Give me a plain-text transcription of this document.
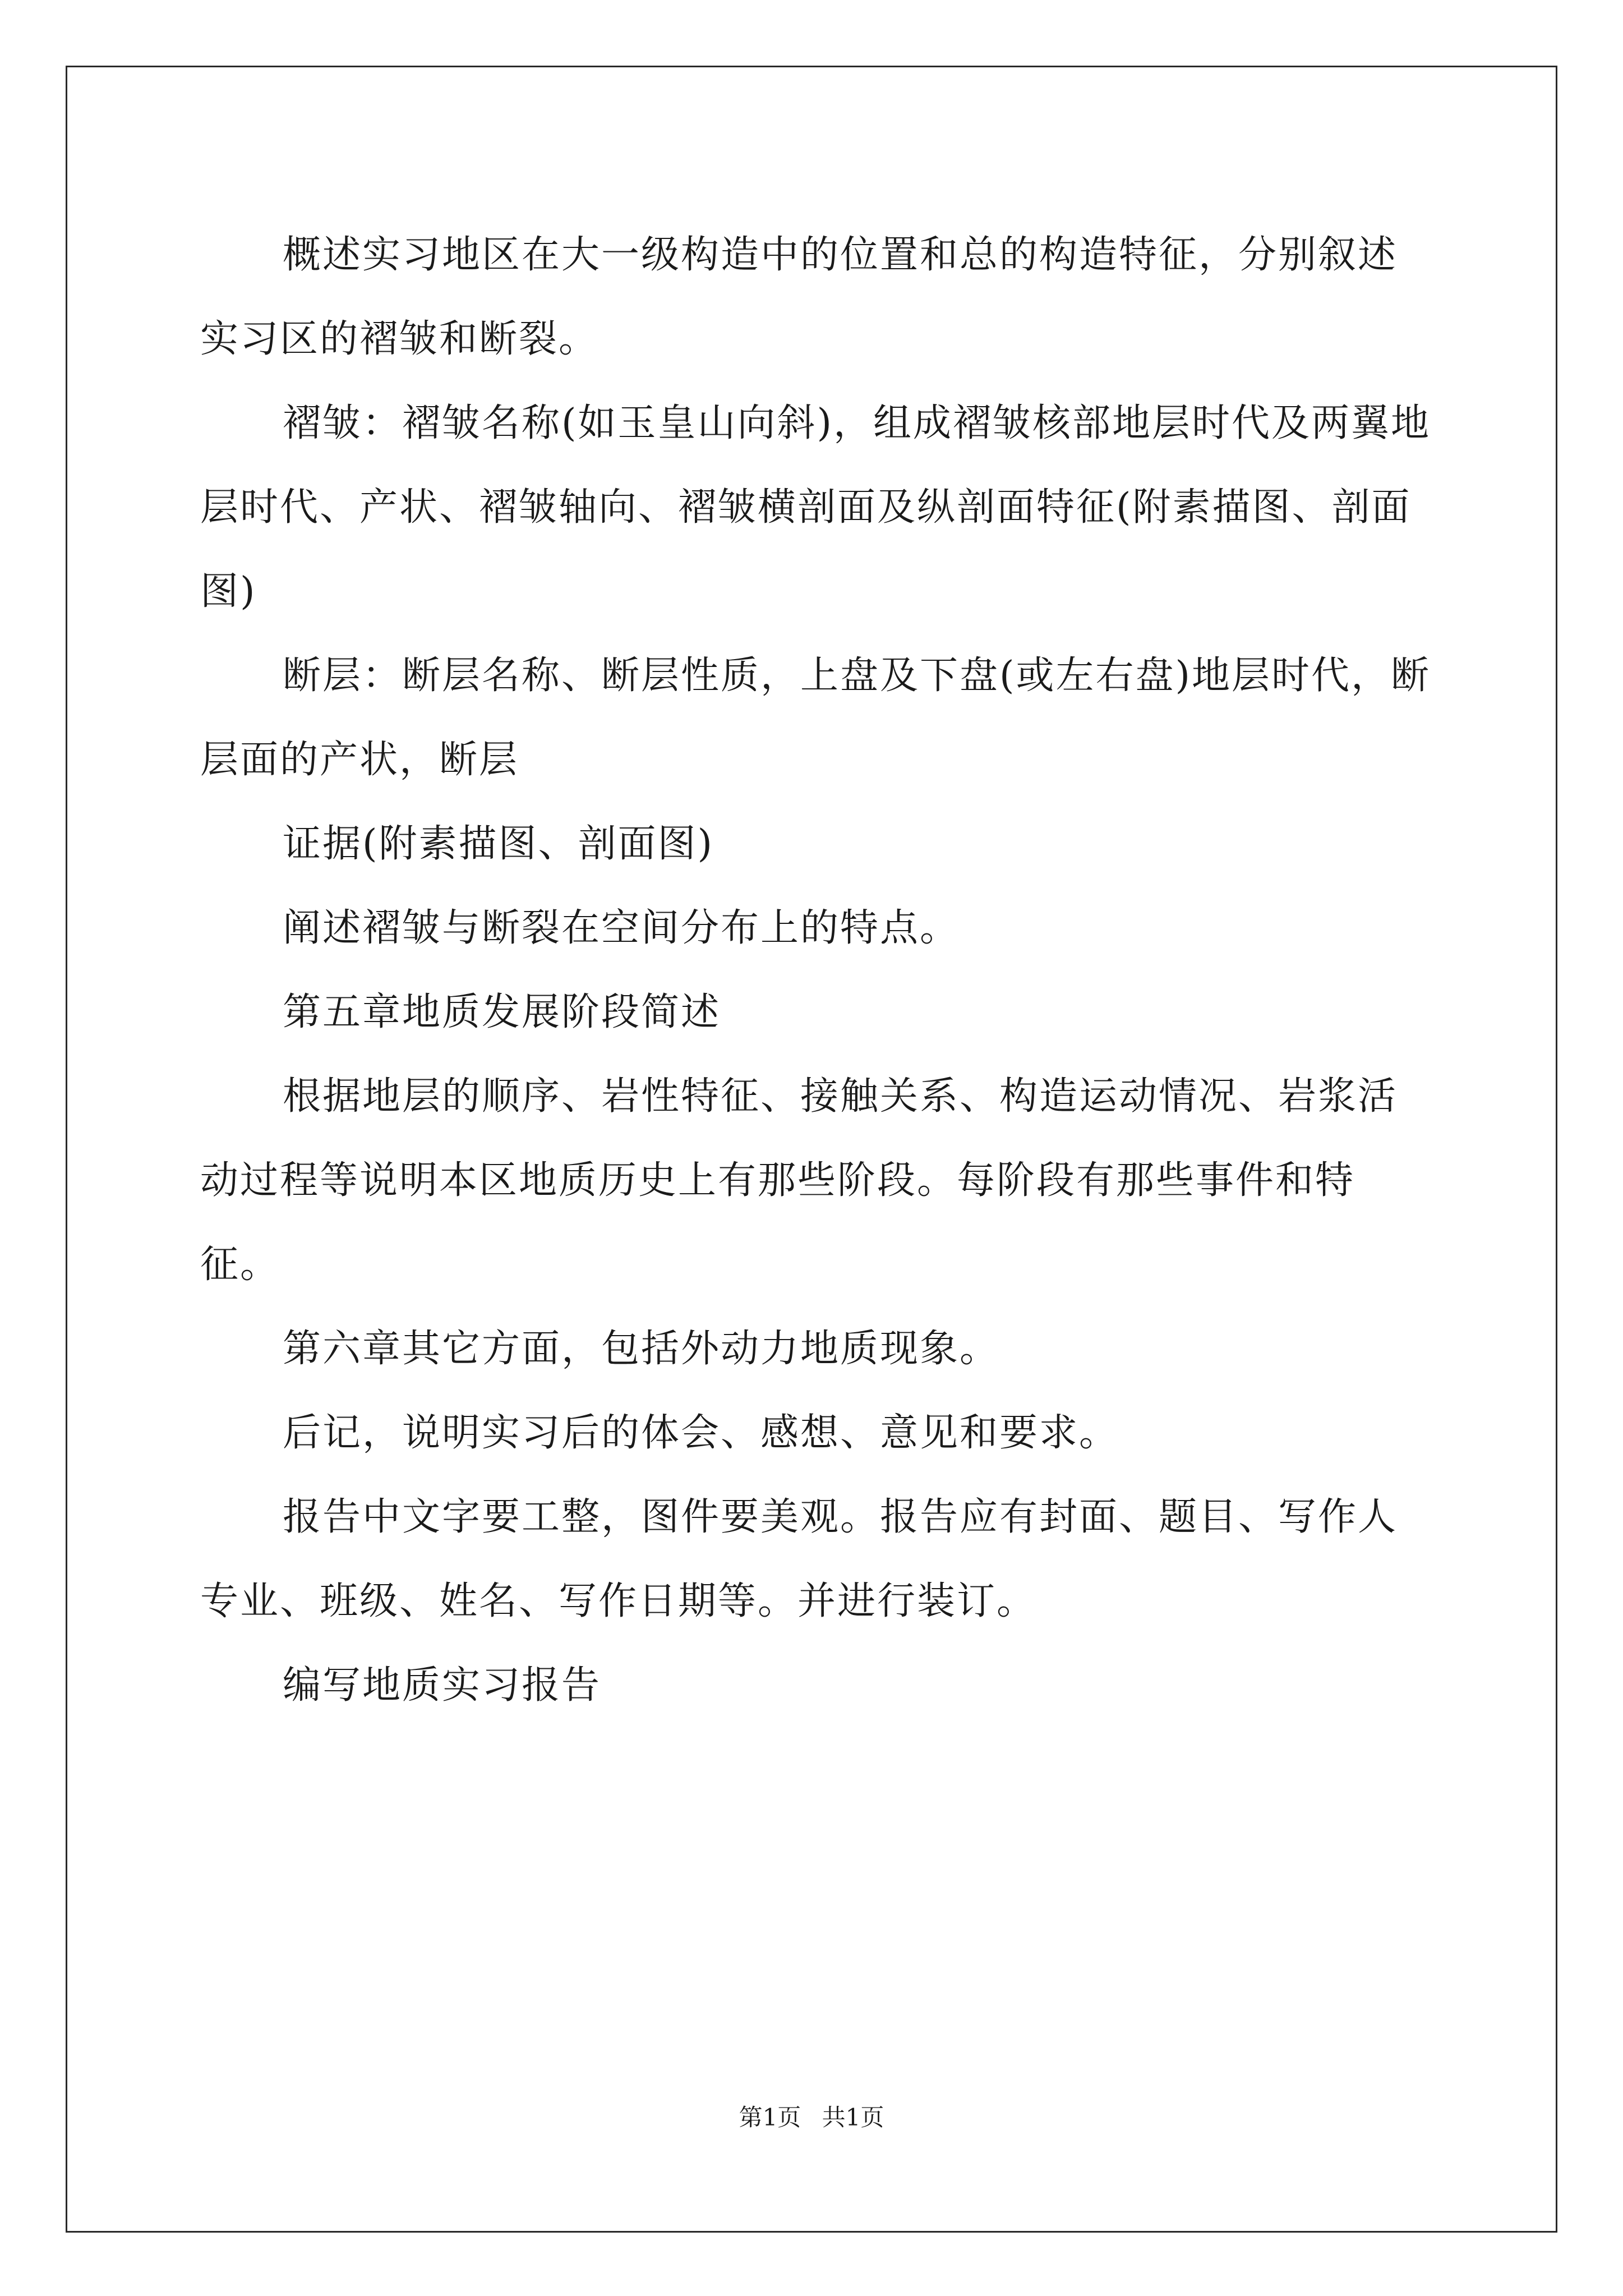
概述实习地区在大一级构造中的位置和总的构造特征，分别叙述实习区的褶皱和断裂。

褶皱：褶皱名称(如玉皇山向斜)，组成褶皱核部地层时代及两翼地层时代、产状、褶皱轴向、褶皱横剖面及纵剖面特征(附素描图、剖面图)

断层：断层名称、断层性质，上盘及下盘(或左右盘)地层时代，断层面的产状，断层

证据(附素描图、剖面图)

阐述褶皱与断裂在空间分布上的特点。

第五章地质发展阶段简述

根据地层的顺序、岩性特征、接触关系、构造运动情况、岩浆活动过程等说明本区地质历史上有那些阶段。每阶段有那些事件和特征。

第六章其它方面，包括外动力地质现象。

后记，说明实习后的体会、感想、意见和要求。

报告中文字要工整，图件要美观。报告应有封面、题目、写作人专业、班级、姓名、写作日期等。并进行装订。

编写地质实习报告

第1页 共1页
